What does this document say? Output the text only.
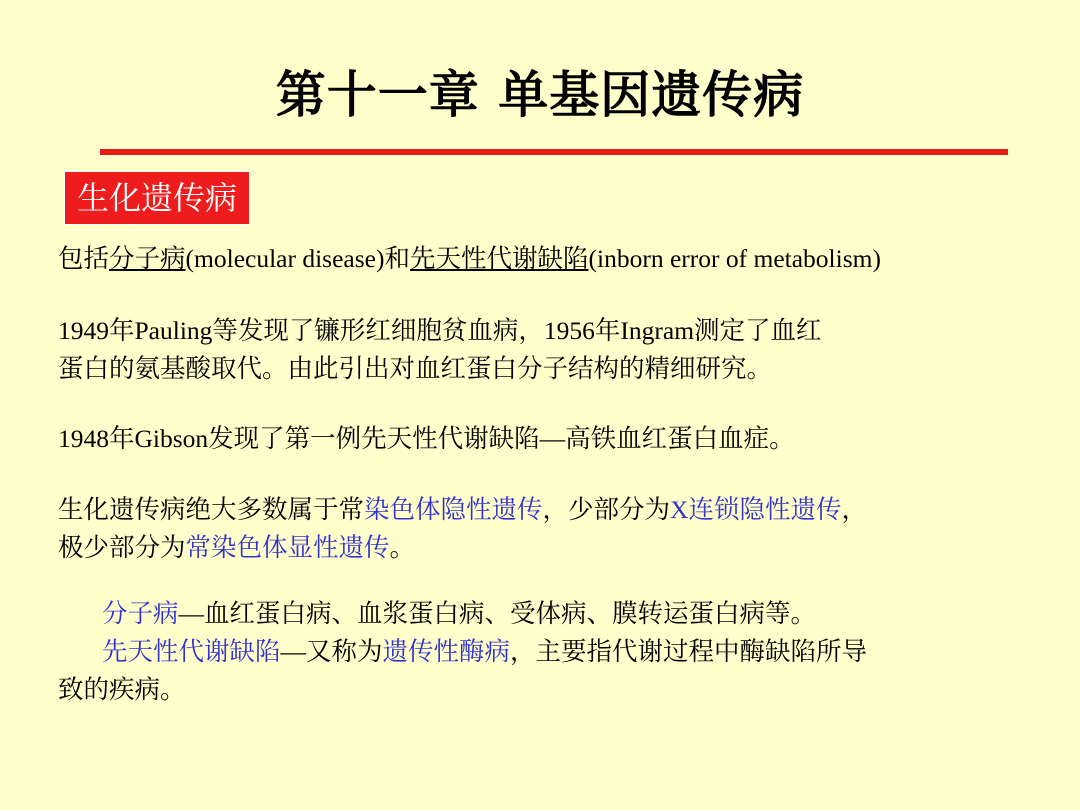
第十一章 单基因遗传病
生化遗传病
包括分子病(molecular disease)和先天性代谢缺陷(inborn error of metabolism)
1949年Pauling等发现了镰形红细胞贫血病，1956年Ingram测定了血红
蛋白的氨基酸取代。由此引出对血红蛋白分子结构的精细研究。
1948年Gibson发现了第一例先天性代谢缺陷—高铁血红蛋白血症。
生化遗传病绝大多数属于常染色体隐性遗传，少部分为X连锁隐性遗传，
极少部分为常染色体显性遗传。
分子病—血红蛋白病、血浆蛋白病、受体病、膜转运蛋白病等。
先天性代谢缺陷—又称为遗传性酶病，主要指代谢过程中酶缺陷所导
致的疾病。
